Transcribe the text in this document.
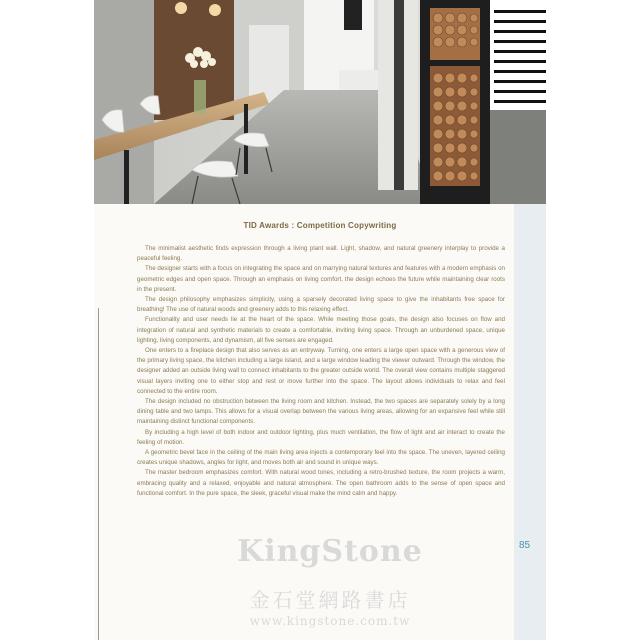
TID Awards : Competition Copywriting

The minimalist aesthetic finds expression through a living plant wall. Light, shadow, and natural greenery interplay to provide a peaceful feeling.

The designer starts with a focus on integrating the space and on marrying natural textures and features with a modern emphasis on geometric edges and open space. Through an emphasis on living comfort, the design echoes the future while maintaining clear roots in the present.

The design philosophy emphasizes simplicity, using a sparsely decorated living space to give the inhabitants free space for breathing! The use of natural woods and greenery adds to this relaxing effect.

Functionality and user needs lie at the heart of the space. While meeting those goals, the design also focuses on flow and integration of natural and synthetic materials to create a comfortable, inviting living space. Through an unburdened space, unique lighting, living components, and dynamism, all five senses are engaged.

One enters to a fireplace design that also serves as an entryway. Turning, one enters a large open space with a generous view of the primary living space, the kitchen including a large island, and a large window leading the viewer outward. Through the window, the designer added an outside living wall to connect inhabitants to the greater outside world. The overall view contains multiple staggered visual layers inviting one to either stop and rest or move further into the space. The layout allows individuals to relax and feel connected to the entire room.

The design included no obstruction between the living room and kitchen. Instead, the two spaces are separately solely by a long dining table and two lamps. This allows for a visual overlap between the various living areas, allowing for an expansive feel while still maintaining distinct functional components.

By including a high level of both indoor and outdoor lighting, plus much ventilation, the flow of light and air interact to create the feeling of motion.

A geometric bevel face in the ceiling of the main living area injects a contemporary feel into the space. The uneven, layered ceiling creates unique shadows, angles for light, and moves both air and sound in unique ways.

The master bedroom emphasizes comfort. With natural wood tones, including a retro-brushed texture, the room projects a warm, embracing quality and a relaxed, enjoyable and natural atmosphere. The open bathroom adds to the sense of open space and functional comfort. In the pure space, the sleek, graceful visual make the mind calm and happy.

85
KingStone
金石堂網路書店
www.kingstone.com.tw
